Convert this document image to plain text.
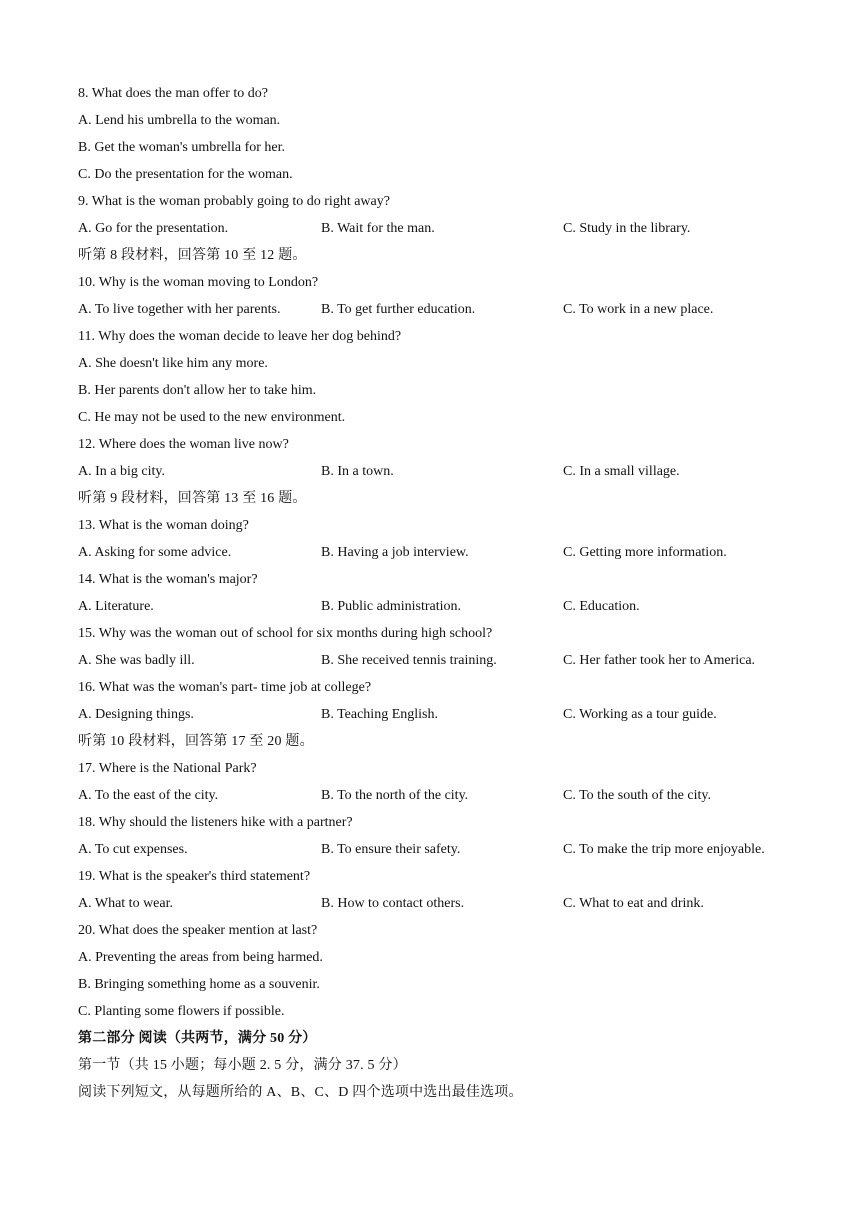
8. What does the man offer to do?
A. Lend his umbrella to the woman.
B. Get the woman's umbrella for her.
C. Do the presentation for the woman.
9. What is the woman probably going to do right away?
A. Go for the presentation.	B. Wait for the man.	C. Study in the library.
听第 8 段材料，回答第 10 至 12 题。
10. Why is the woman moving to London?
A. To live together with her parents.	B. To get further education.	C. To work in a new place.
11. Why does the woman decide to leave her dog behind?
A. She doesn't like him any more.
B. Her parents don't allow her to take him.
C. He may not be used to the new environment.
12. Where does the woman live now?
A. In a big city.	B. In a town.	C. In a small village.
听第 9 段材料，回答第 13 至 16 题。
13. What is the woman doing?
A. Asking for some advice.	B. Having a job interview.	C. Getting more information.
14. What is the woman's major?
A. Literature.	B. Public administration.	C. Education.
15. Why was the woman out of school for six months during high school?
A. She was badly ill.	B. She received tennis training.	C. Her father took her to America.
16. What was the woman's part- time job at college?
A. Designing things.	B. Teaching English.	C. Working as a tour guide.
听第 10 段材料，回答第 17 至 20 题。
17. Where is the National Park?
A. To the east of the city.	B. To the north of the city.	C. To the south of the city.
18. Why should the listeners hike with a partner?
A. To cut expenses.	B. To ensure their safety.	C. To make the trip more enjoyable.
19. What is the speaker's third statement?
A. What to wear.	B. How to contact others.	C. What to eat and drink.
20. What does the speaker mention at last?
A. Preventing the areas from being harmed.
B. Bringing something home as a souvenir.
C. Planting some flowers if possible.
第二部分 阅读（共两节，满分 50 分）
第一节（共 15 小题；每小题 2. 5 分，满分 37. 5 分）
阅读下列短文，从每题所给的 A、B、C、D 四个选项中选出最佳选项。
